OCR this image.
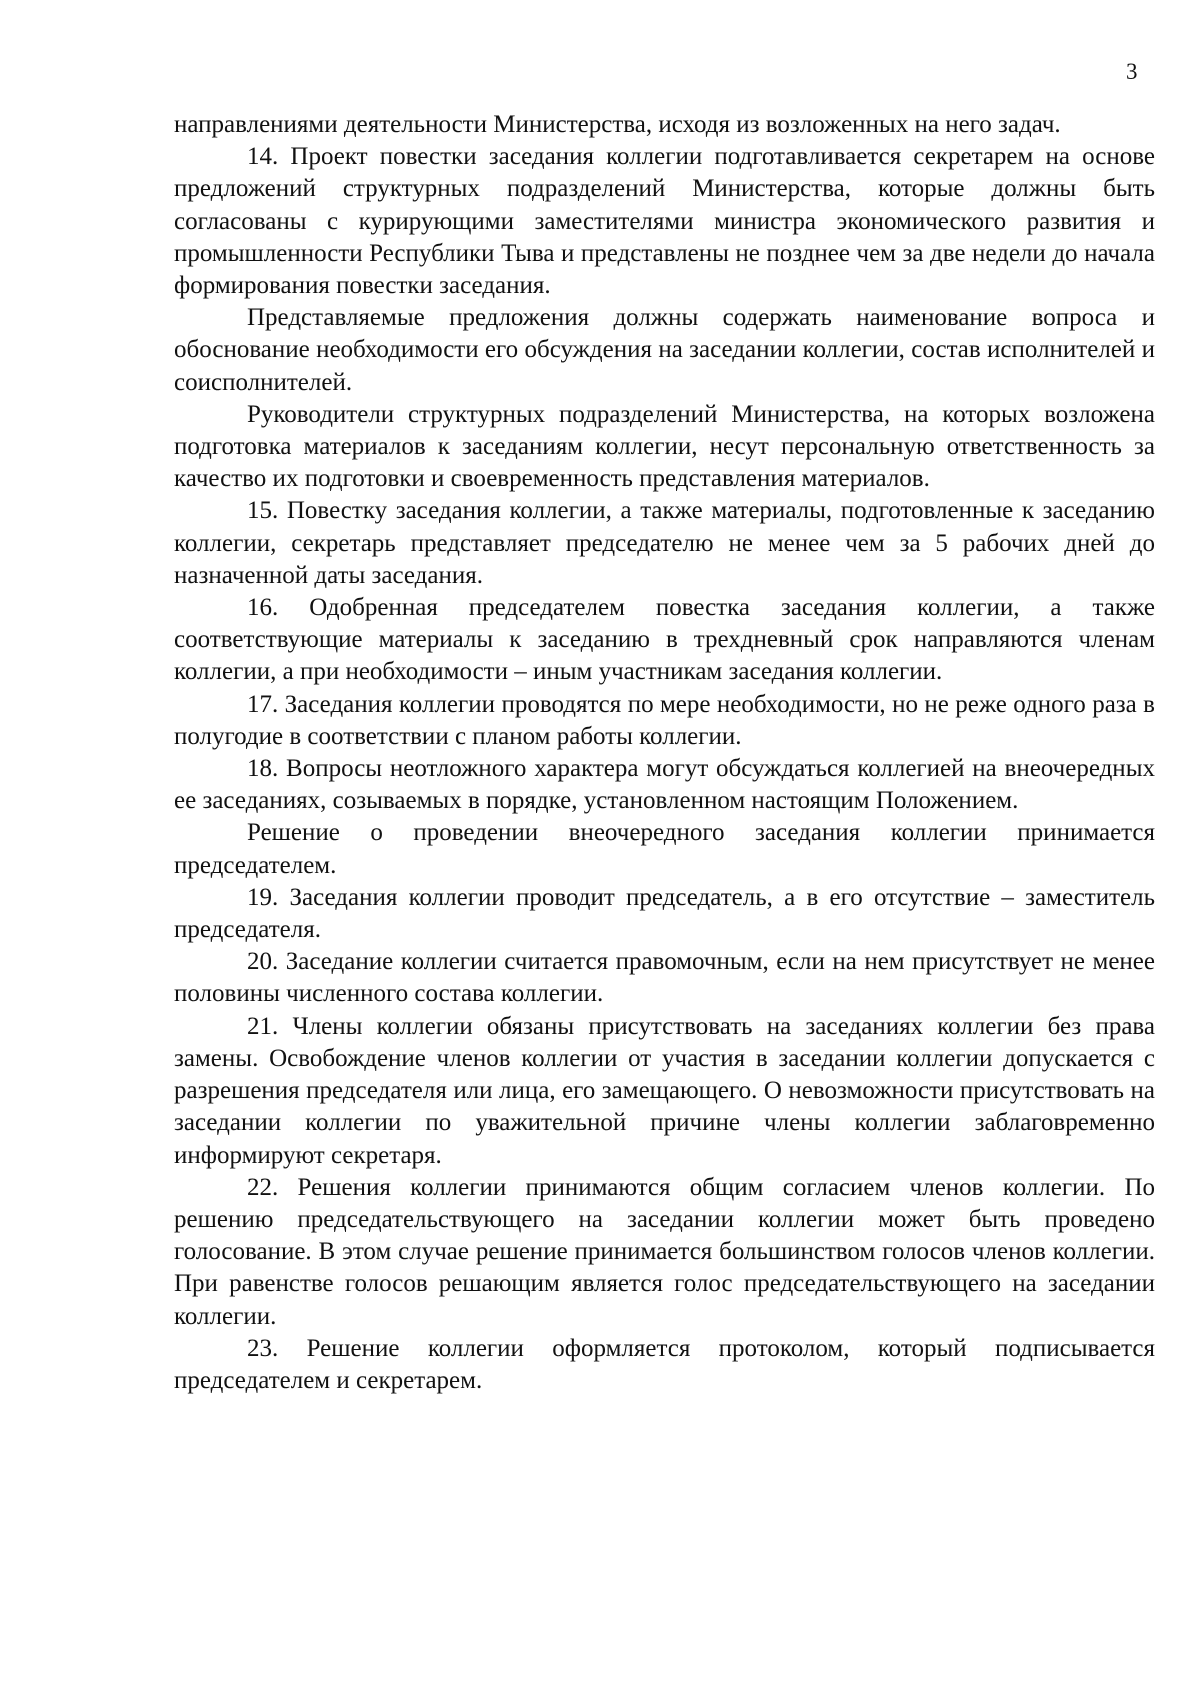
3

направлениями деятельности Министерства, исходя из возложенных на него задач.

14. Проект повестки заседания коллегии подготавливается секретарем на основе предложений структурных подразделений Министерства, которые должны быть согласованы с курирующими заместителями министра экономического развития и промышленности Республики Тыва и представлены не позднее чем за две недели до начала формирования повестки заседания.

Представляемые предложения должны содержать наименование вопроса и обоснование необходимости его обсуждения на заседании коллегии, состав исполнителей и соисполнителей.

Руководители структурных подразделений Министерства, на которых возложена подготовка материалов к заседаниям коллегии, несут персональную ответственность за качество их подготовки и своевременность представления материалов.

15. Повестку заседания коллегии, а также материалы, подготовленные к заседанию коллегии, секретарь представляет председателю не менее чем за 5 рабочих дней до назначенной даты заседания.

16. Одобренная председателем повестка заседания коллегии, а также соответствующие материалы к заседанию в трехдневный срок направляются членам коллегии, а при необходимости – иным участникам заседания коллегии.

17. Заседания коллегии проводятся по мере необходимости, но не реже одного раза в полугодие в соответствии с планом работы коллегии.

18. Вопросы неотложного характера могут обсуждаться коллегией на внеочередных ее заседаниях, созываемых в порядке, установленном настоящим Положением.

Решение о проведении внеочередного заседания коллегии принимается председателем.

19. Заседания коллегии проводит председатель, а в его отсутствие – заместитель председателя.

20. Заседание коллегии считается правомочным, если на нем присутствует не менее половины численного состава коллегии.

21. Члены коллегии обязаны присутствовать на заседаниях коллегии без права замены. Освобождение членов коллегии от участия в заседании коллегии допускается с разрешения председателя или лица, его замещающего. О невозможности присутствовать на заседании коллегии по уважительной причине члены коллегии заблаговременно информируют секретаря.

22. Решения коллегии принимаются общим согласием членов коллегии. По решению председательствующего на заседании коллегии может быть проведено голосование. В этом случае решение принимается большинством голосов членов коллегии. При равенстве голосов решающим является голос председательствующего на заседании коллегии.

23. Решение коллегии оформляется протоколом, который подписывается председателем и секретарем.
